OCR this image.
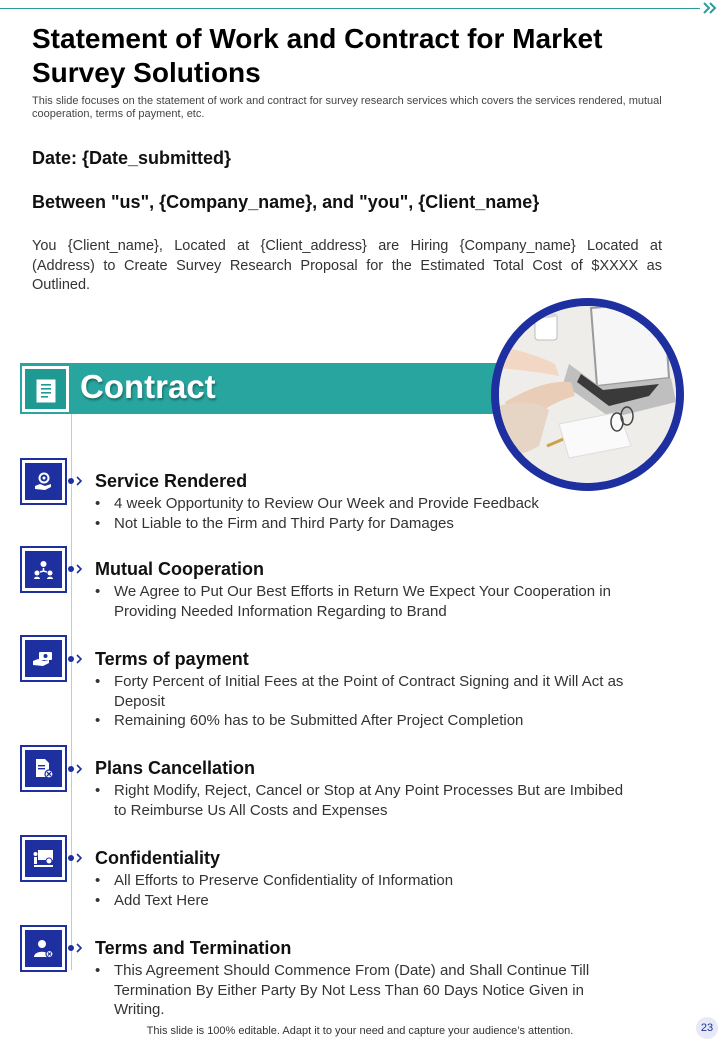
Statement of Work and Contract for Market Survey Solutions

This slide focuses on the statement of work and contract for survey research services which covers the services rendered, mutual cooperation, terms of payment, etc.

Date: {Date_submitted}
Between "us", {Company_name}, and "you", {Client_name}

You {Client_name}, Located at {Client_address} are Hiring {Company_name} Located at (Address) to Create Survey Research Proposal for the Estimated Total Cost of $XXXX as Outlined.

Contract
Service Rendered
• 4 week Opportunity to Review Our Week and Provide Feedback
• Not Liable to the Firm and Third Party for Damages
Mutual Cooperation
• We Agree to Put Our Best Efforts in Return We Expect Your Cooperation in Providing Needed Information Regarding to Brand
Terms of payment
• Forty Percent of Initial Fees at the Point of Contract Signing and it Will Act as Deposit
• Remaining 60% has to be Submitted After Project Completion
Plans Cancellation
• Right Modify, Reject, Cancel or Stop at Any Point Processes But are Imbibed to Reimburse Us All Costs and Expenses
Confidentiality
• All Efforts to Preserve Confidentiality of Information
• Add Text Here
Terms and Termination
• This Agreement Should Commence From (Date) and Shall Continue Till Termination By Either Party By Not Less Than 60 Days Notice Given in Writing.
This slide is 100% editable. Adapt it to your need and capture your audience’s attention.	23
